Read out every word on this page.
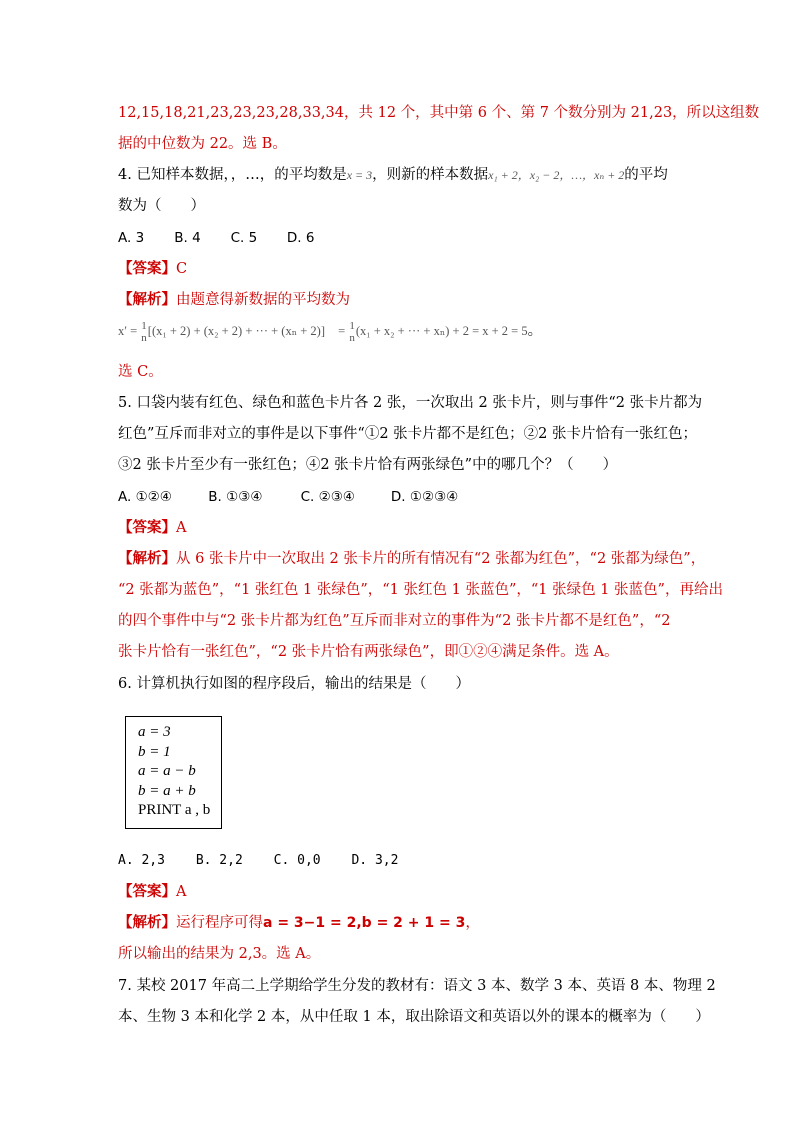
12,15,18,21,23,23,23,28,33,34，共 12 个，其中第 6 个、第 7 个数分别为 21,23，所以这组数
据的中位数为 22。选 B。
4. 已知样本数据，，…，的平均数是x = 3，则新的样本数据x₁ + 2，x₂ − 2，…，xₙ + 2的平均
数为（　　）
A. 3 B. 4 C. 5 D. 6
【答案】C
【解析】由题意得新数据的平均数为
x′ = 1
n
[(x₁ + 2) + (x₂ + 2) + ··· + (xₙ + 2)] = 1
n
(x₁ + x₂ + ··· + xₙ) + 2 = x + 2 = 5。
选 C。
5. 口袋内装有红色、绿色和蓝色卡片各 2 张，一次取出 2 张卡片，则与事件“2 张卡片都为
红色”互斥而非对立的事件是以下事件“①2 张卡片都不是红色；②2 张卡片恰有一张红色；
③2 张卡片至少有一张红色；④2 张卡片恰有两张绿色”中的哪几个？（　　）
A. ①②④	B. ①③④	C. ②③④	D. ①②③④
【答案】A
【解析】从 6 张卡片中一次取出 2 张卡片的所有情况有“2 张都为红色”，“2 张都为绿色”，
“2 张都为蓝色”，“1 张红色 1 张绿色”，“1 张红色 1 张蓝色”，“1 张绿色 1 张蓝色”，再给出
的四个事件中与“2 张卡片都为红色”互斥而非对立的事件为“2 张卡片都不是红色”，“2
张卡片恰有一张红色”，“2 张卡片恰有两张绿色”，即①②④满足条件。选 A。
6. 计算机执行如图的程序段后，输出的结果是（　　）
a = 3
b = 1
a = a − b
b = a + b
PRINT a , b
A. 2,3 B. 2,2 C. 0,0 D. 3,2
【答案】A
【解析】运行程序可得a = 3−1 = 2,b = 2 + 1 = 3，
所以输出的结果为 2,3。选 A。
7. 某校 2017 年高二上学期给学生分发的教材有：语文 3 本、数学 3 本、英语 8 本、物理 2
本、生物 3 本和化学 2 本，从中任取 1 本，取出除语文和英语以外的课本的概率为（　　）
